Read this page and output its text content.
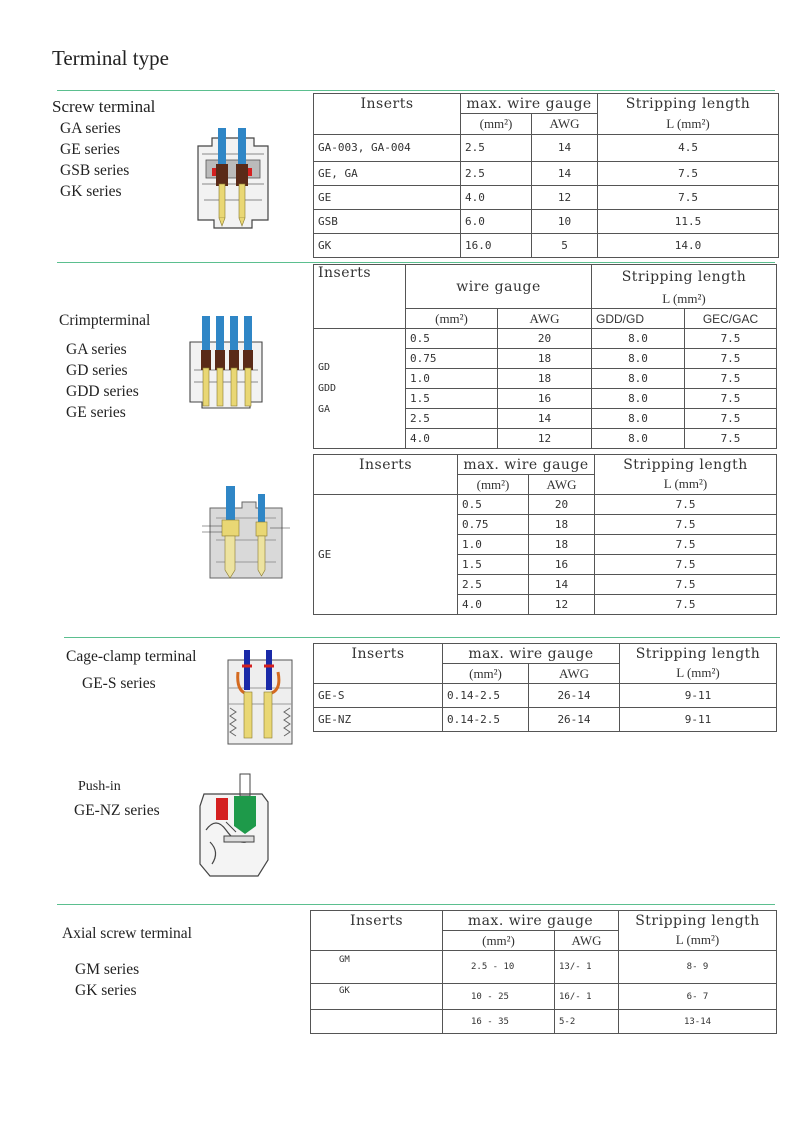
Terminal type
Screw terminal
GA series
GE series
GSB series
GK series
Inserts	max. wire gauge		Stripping length
	(mm²)	AWG	L (mm²)
GA-003, GA-004	2.5	14	4.5
GE, GA	2.5	14	7.5
GE	4.0	12	7.5
GSB	6.0	10	11.5
GK	16.0	5	14.0
Crimpterminal
GA series
GD series
GDD series
GE series
Inserts	wire gauge		Stripping length	
			L (mm²)	
	(mm²)	AWG	GDD/GD	GEC/GAC

GD
GDD
GA	0.5	20	8.0	7.5
	0.75	18	8.0	7.5
	1.0	18	8.0	7.5
	1.5	16	8.0	7.5
	2.5	14	8.0	7.5
	4.0	12	8.0	7.5
Inserts	max. wire gauge		Stripping length
	(mm²)	AWG	L (mm²)
GE	0.5	20	7.5
	0.75	18	7.5
	1.0	18	7.5
	1.5	16	7.5
	2.5	14	7.5
	4.0	12	7.5
Cage-clamp terminal
GE-S series
Inserts	max. wire gauge		Stripping length
	(mm²)	AWG	L (mm²)
GE-S	0.14-2.5	26-14	9-11
GE-NZ	0.14-2.5	26-14	9-11
Push-in
GE-NZ series
Axial screw terminal
GM series
GK series
Inserts	max. wire gauge		Stripping length
	(mm²)	AWG	L (mm²)
GM	2.5 - 10	13/- 1	8- 9
GK	10 - 25	16/- 1	6- 7
	16 - 35	5-2	13-14
